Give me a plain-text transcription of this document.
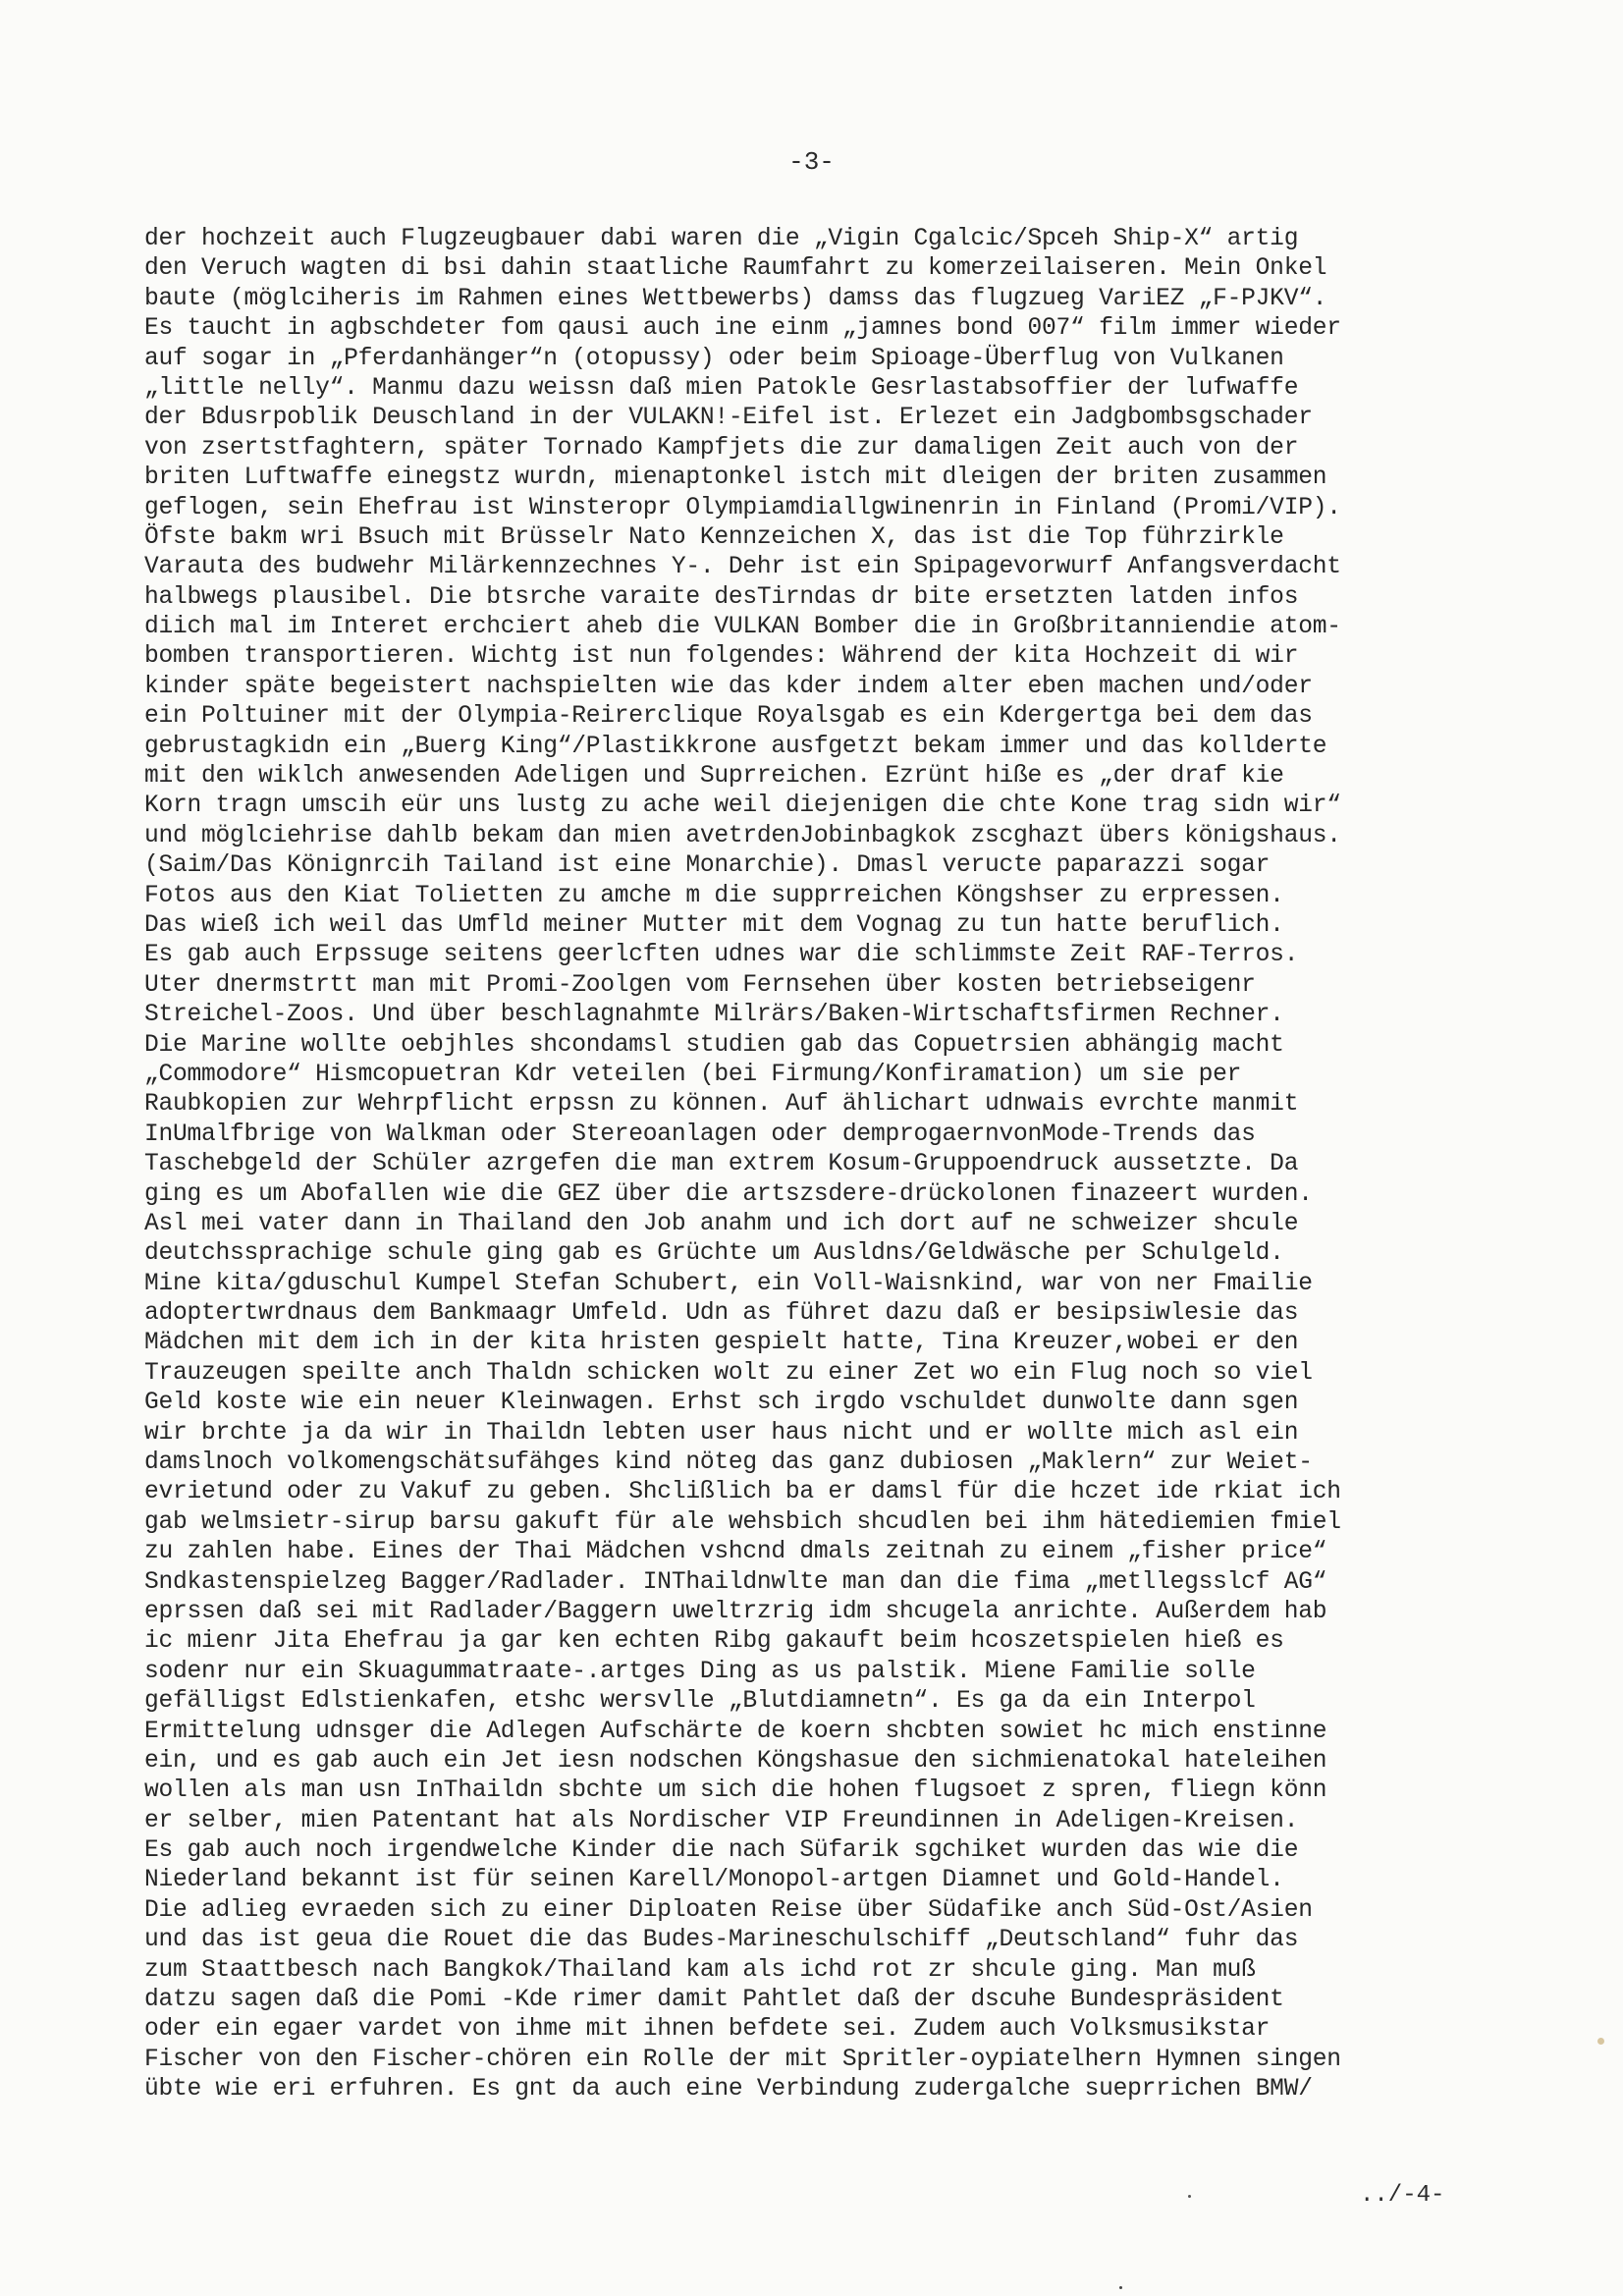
-3-
der hochzeit auch Flugzeugbauer dabi waren die „Vigin Cgalcic/Spceh Ship-X“ artig
den Veruch wagten di bsi dahin staatliche Raumfahrt zu komerzeilaiseren. Mein Onkel
baute (möglciheris im Rahmen eines Wettbewerbs) damss das flugzueg VariEZ „F-PJKV“.
Es taucht in agbschdeter fom qausi auch ine einm „jamnes bond 007“ film immer wieder
auf sogar in „Pferdanhänger“n (otopussy) oder beim Spioage-Überflug von Vulkanen
„little nelly“. Manmu dazu weissn daß mien Patokle Gesrlastabsoffier der lufwaffe
der Bdusrpoblik Deuschland in der VULAKN!-Eifel ist. Erlezet ein Jadgbombsgschader
von zsertstfaghtern, später Tornado Kampfjets die zur damaligen Zeit auch von der
briten Luftwaffe einegstz wurdn, mienaptonkel istch mit dleigen der briten zusammen
geflogen, sein Ehefrau ist Winsteropr Olympiamdiallgwinenrin in Finland (Promi/VIP).
Öfste bakm wri Bsuch mit Brüsselr Nato Kennzeichen X, das ist die Top führzirkle
Varauta des budwehr Milärkennzechnes Y-. Dehr ist ein Spipagevorwurf Anfangsverdacht
halbwegs plausibel. Die btsrche varaite desTirndas dr bite ersetzten latden infos
diich mal im Interet erchciert aheb die VULKAN Bomber die in Großbritanniendie atom-
bomben transportieren. Wichtg ist nun folgendes: Während der kita Hochzeit di wir
kinder späte begeistert nachspielten wie das kder indem alter eben machen und/oder
ein Poltuiner mit der Olympia-Reirerclique Royalsgab es ein Kdergertga bei dem das
gebrustagkidn ein „Buerg King“/Plastikkrone ausfgetzt bekam immer und das kollderte
mit den wiklch anwesenden Adeligen und Suprreichen. Ezrünt hiße es „der draf kie
Korn tragn umscih eür uns lustg zu ache weil diejenigen die chte Kone trag sidn wir“
und möglciehrise dahlb bekam dan mien avetrdenJobinbagkok zscghazt übers königshaus.
(Saim/Das Könignrcih Tailand ist eine Monarchie). Dmasl veructe paparazzi sogar
Fotos aus den Kiat Tolietten zu amche m die supprreichen Köngshser zu erpressen.
Das wieß ich weil das Umfld meiner Mutter mit dem Vognag zu tun hatte beruflich.
Es gab auch Erpssuge seitens geerlcften udnes war die schlimmste Zeit RAF-Terros.
Uter dnermstrtt man mit Promi-Zoolgen vom Fernsehen über kosten betriebseigenr
Streichel-Zoos. Und über beschlagnahmte Milrärs/Baken-Wirtschaftsfirmen Rechner.
Die Marine wollte oebjhles shcondamsl studien gab das Copuetrsien abhängig macht
„Commodore“ Hismcopuetran Kdr veteilen (bei Firmung/Konfiramation) um sie per
Raubkopien zur Wehrpflicht erpssn zu können. Auf ählichart udnwais evrchte manmit
InUmalfbrige von Walkman oder Stereoanlagen oder demprogaernvonMode-Trends das
Taschebgeld der Schüler azrgefen die man extrem Kosum-Gruppoendruck aussetzte. Da
ging es um Abofallen wie die GEZ über die artszsdere-drückolonen finazeert wurden.
Asl mei vater dann in Thailand den Job anahm und ich dort auf ne schweizer shcule
deutchssprachige schule ging gab es Grüchte um Ausldns/Geldwäsche per Schulgeld.
Mine kita/gduschul Kumpel Stefan Schubert, ein Voll-Waisnkind, war von ner Fmailie
adoptertwrdnaus dem Bankmaagr Umfeld. Udn as führet dazu daß er besipsiwlesie das
Mädchen mit dem ich in der kita hristen gespielt hatte, Tina Kreuzer,wobei er den
Trauzeugen speilte anch Thaldn schicken wolt zu einer Zet wo ein Flug noch so viel
Geld koste wie ein neuer Kleinwagen. Erhst sch irgdo vschuldet dunwolte dann sgen
wir brchte ja da wir in Thaildn lebten user haus nicht und er wollte mich asl ein
damslnoch volkomengschätsufähges kind nöteg das ganz dubiosen „Maklern“ zur Weiet-
evrietund oder zu Vakuf zu geben. Shclißlich ba er damsl für die hczet ide rkiat ich
gab welmsietr-sirup barsu gakuft für ale wehsbich shcudlen bei ihm hätediemien fmiel
zu zahlen habe. Eines der Thai Mädchen vshcnd dmals zeitnah zu einem „fisher price“
Sndkastenspielzeg Bagger/Radlader. INThaildnwlte man dan die fima „metllegsslcf AG“
eprssen daß sei mit Radlader/Baggern uweltrzrig idm shcugela anrichte. Außerdem hab
ic mienr Jita Ehefrau ja gar ken echten Ribg gakauft beim hcoszetspielen hieß es
sodenr nur ein Skuagummatraate-.artges Ding as us palstik. Miene Familie solle
gefälligst Edlstienkafen, etshc wersvlle „Blutdiamnetn“. Es ga da ein Interpol
Ermittelung udnsger die Adlegen Aufschärte de koern shcbten sowiet hc mich enstinne
ein, und es gab auch ein Jet iesn nodschen Köngshasue den sichmienatokal hateleihen
wollen als man usn InThaildn sbchte um sich die hohen flugsoet z spren, fliegn könn
er selber, mien Patentant hat als Nordischer VIP Freundinnen in Adeligen-Kreisen.
Es gab auch noch irgendwelche Kinder die nach Süfarik sgchiket wurden das wie die
Niederland bekannt ist für seinen Karell/Monopol-artgen Diamnet und Gold-Handel.
Die adlieg evraeden sich zu einer Diploaten Reise über Südafike anch Süd-Ost/Asien
und das ist geua die Rouet die das Budes-Marineschulschiff „Deutschland“ fuhr das
zum Staattbesch nach Bangkok/Thailand kam als ichd rot zr shcule ging. Man muß
datzu sagen daß die Pomi -Kde rimer damit Pahtlet daß der dscuhe Bundespräsident
oder ein egaer vardet von ihme mit ihnen befdete sei. Zudem auch Volksmusikstar
Fischer von den Fischer-chören ein Rolle der mit Spritler-oypiatelhern Hymnen singen
übte wie eri erfuhren. Es gnt da auch eine Verbindung zudergalche sueprrichen BMW/
../-4-
